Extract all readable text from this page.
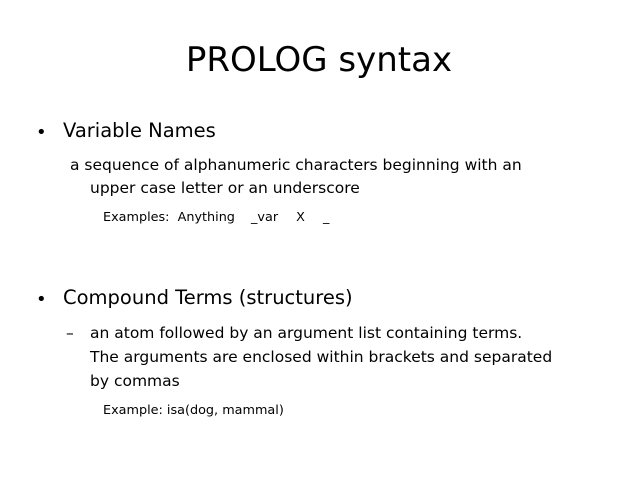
PROLOG syntax
• Variable Names
a sequence of alphanumeric characters beginning with an
upper case letter or an underscore
Examples: Anything _var X _
• Compound Terms (structures)
– an atom followed by an argument list containing terms.
The arguments are enclosed within brackets and separated
by commas
Example: isa(dog, mammal)
